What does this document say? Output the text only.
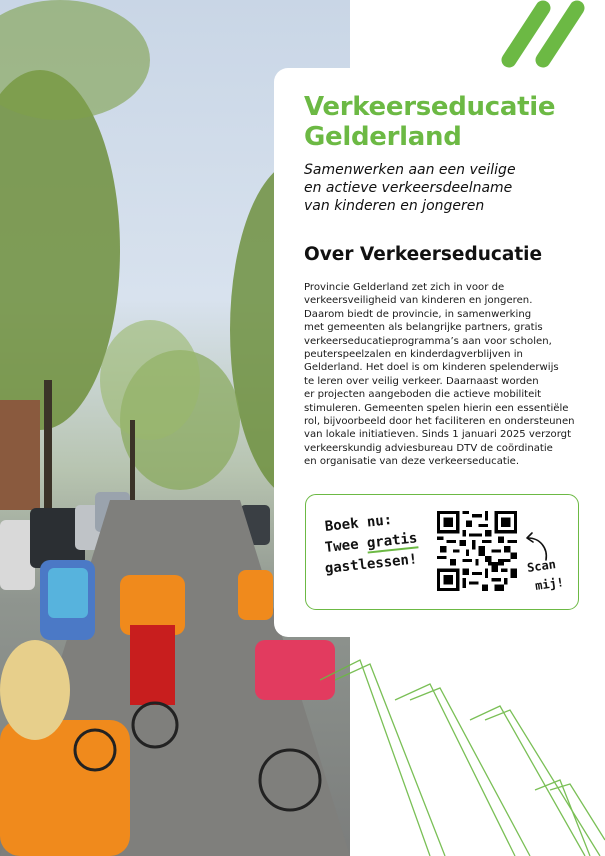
Verkeerseducatie
Gelderland
Samenwerken aan een veilige
en actieve verkeersdeelname
van kinderen en jongeren
Over Verkeerseducatie
Provincie Gelderland zet zich in voor de
verkeersveiligheid van kinderen en jongeren.
Daarom biedt de provincie, in samenwerking
met gemeenten als belangrijke partners, gratis
verkeerseducatieprogramma’s aan voor scholen,
peuterspeelzalen en kinderdagverblijven in
Gelderland. Het doel is om kinderen spelenderwijs
te leren over veilig verkeer. Daarnaast worden
er projecten aangeboden die actieve mobiliteit
stimuleren. Gemeenten spelen hierin een essentiële
rol, bijvoorbeeld door het faciliteren en ondersteunen
van lokale initiatieven. Sinds 1 januari 2025 verzorgt
verkeerskundig adviesbureau DTV de coördinatie
en organisatie van deze verkeerseducatie.
Boek nu:
Twee gratis
gastlessen!	Scan
mij!
